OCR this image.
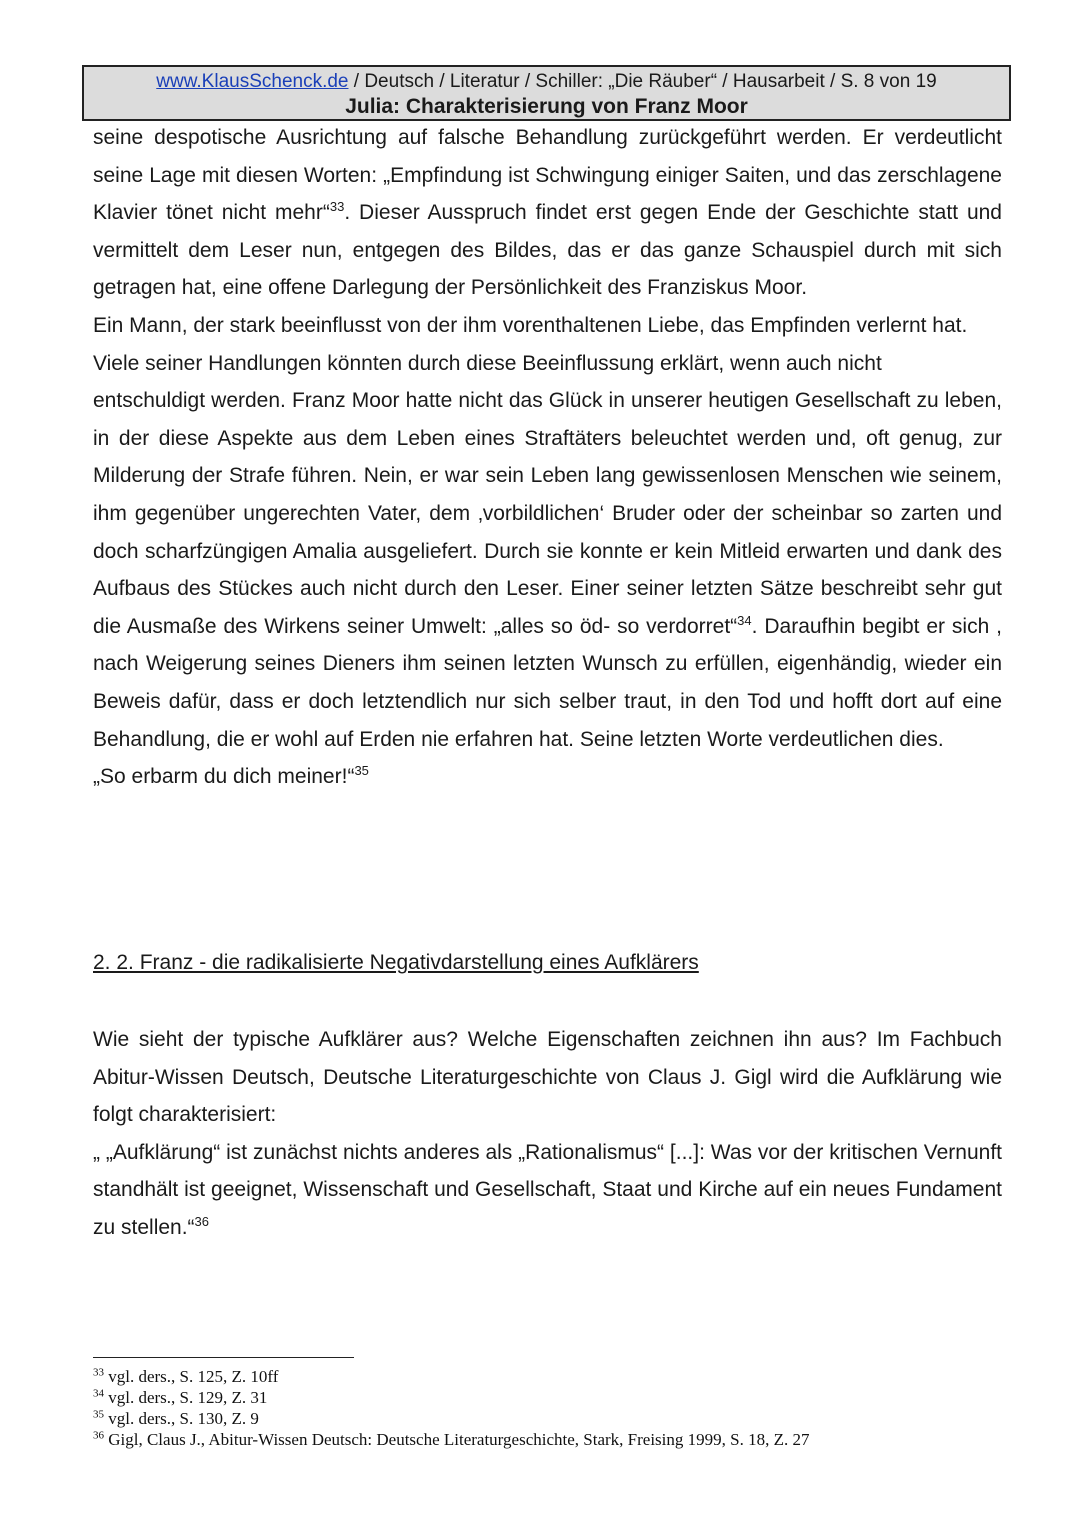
www.KlausSchenck.de / Deutsch / Literatur / Schiller: „Die Räuber“ / Hausarbeit / S. 8 von 19
Julia: Charakterisierung von Franz Moor

seine despotische Ausrichtung auf falsche Behandlung zurückgeführt werden. Er verdeutlicht seine Lage mit diesen Worten: „Empfindung ist Schwingung einiger Saiten, und das zerschlagene Klavier tönet nicht mehr“$^{33}$. Dieser Ausspruch findet erst gegen Ende der Geschichte statt und vermittelt dem Leser nun, entgegen des Bildes, das er das ganze Schauspiel durch mit sich getragen hat, eine offene Darlegung der Persönlichkeit des Franziskus Moor.

Ein Mann, der stark beeinflusst von der ihm vorenthaltenen Liebe, das Empfinden verlernt hat.

Viele seiner Handlungen könnten durch diese Beeinflussung erklärt, wenn auch nicht

entschuldigt werden. Franz Moor hatte nicht das Glück in unserer heutigen Gesellschaft zu leben, in der diese Aspekte aus dem Leben eines Straftäters beleuchtet werden und, oft genug, zur Milderung der Strafe führen. Nein, er war sein Leben lang gewissenlosen Menschen wie seinem, ihm gegenüber ungerechten Vater, dem ‚vorbildlichen‘ Bruder oder der scheinbar so zarten und doch scharfzüngigen Amalia ausgeliefert. Durch sie konnte er kein Mitleid erwarten und dank des Aufbaus des Stückes auch nicht durch den Leser. Einer seiner letzten Sätze beschreibt sehr gut die Ausmaße des Wirkens seiner Umwelt: „alles so öd- so verdorret“$^{34}$. Daraufhin begibt er sich , nach Weigerung seines Dieners ihm seinen letzten Wunsch zu erfüllen, eigenhändig, wieder ein Beweis dafür, dass er doch letztendlich nur sich selber traut, in den Tod und hofft dort auf eine Behandlung, die er wohl auf Erden nie erfahren hat. Seine letzten Worte verdeutlichen dies.

„So erbarm du dich meiner!“$^{35}$

2. 2. Franz - die radikalisierte Negativdarstellung eines Aufklärers

Wie sieht der typische Aufklärer aus? Welche Eigenschaften zeichnen ihn aus? Im Fachbuch Abitur-Wissen Deutsch, Deutsche Literaturgeschichte von Claus J. Gigl wird die Aufklärung wie folgt charakterisiert:

„ „Aufklärung“ ist zunächst nichts anderes als „Rationalismus“ [...]: Was vor der kritischen Vernunft standhält ist geeignet, Wissenschaft und Gesellschaft, Staat und Kirche auf ein neues Fundament zu stellen.“$^{36}$

$^{33}$ vgl. ders., S. 125, Z. 10ff
$^{34}$ vgl. ders., S. 129, Z. 31
$^{35}$ vgl. ders., S. 130, Z. 9
$^{36}$ Gigl, Claus J., Abitur-Wissen Deutsch: Deutsche Literaturgeschichte, Stark, Freising 1999, S. 18, Z. 27
